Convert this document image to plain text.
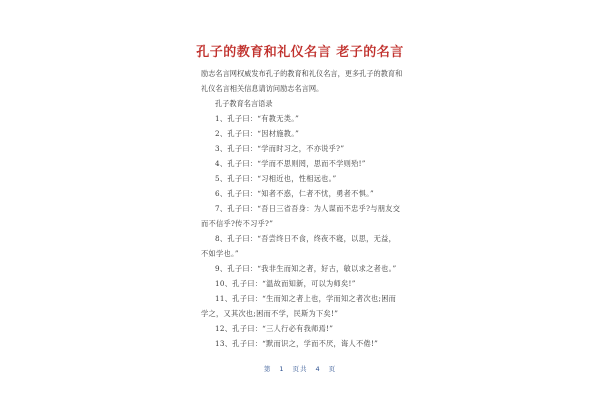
孔子的教育和礼仪名言 老子的名言

励志名言网权威发布孔子的教育和礼仪名言，更多孔子的教育和礼仪名言相关信息请访问励志名言网。

孔子教育名言语录

1、孔子曰：“有教无类。”

2、孔子曰：“因材施教。”

3、孔子曰：“学而时习之，不亦说乎?”

4、孔子曰：“学而不思则罔，思而不学则殆!”

5、孔子曰：“习相近也，性相远也。”

6、孔子曰：“知者不惑，仁者不忧，勇者不惧。”

7、孔子曰：“吾日三省吾身：为人谋而不忠乎?与朋友交而不信乎?传不习乎?”

8、孔子曰：“吾尝终日不食，终夜不寝，以思，无益，不如学也。”

9、孔子曰：“我非生而知之者，好古，敏以求之者也。”

10、孔子曰：“温故而知新，可以为师矣!”

11、孔子曰：“生而知之者上也，学而知之者次也;困而学之，又其次也;困而不学，民斯为下矣!”

12、孔子曰：“三人行必有我师焉!”

13、孔子曰：“默而识之，学而不厌，诲人不倦!”

第 1 页共 4 页
